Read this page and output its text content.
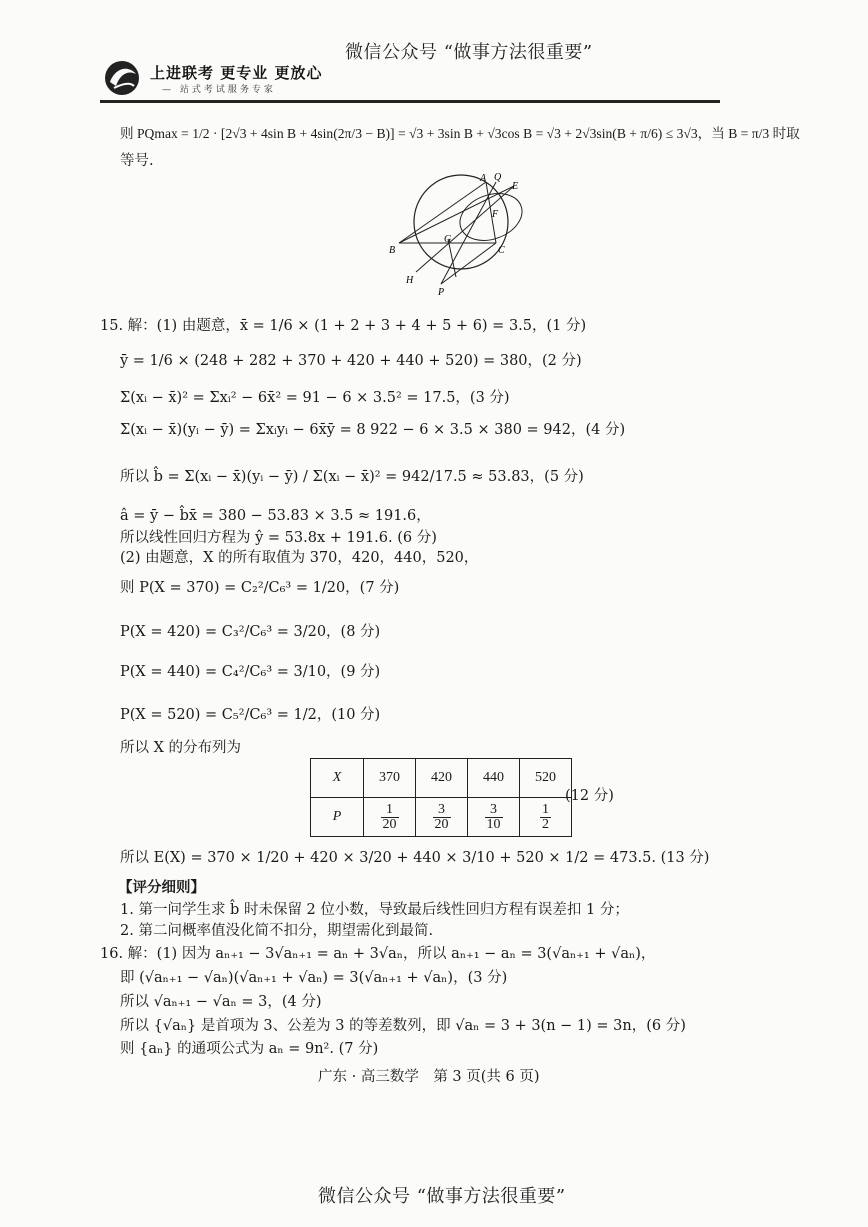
微信公众号 “做事方法很重要”
上进联考 更专业 更放心
— 站式考试服务专家
则 PQmax = 1/2 · [2√3 + 4sin B + 4sin(2π/3 − B)] = √3 + 3sin B + √3cos B = √3 + 2√3sin(B + π/6) ≤ 3√3，当 B = π/3 时取
等号.
A Q
E
F
B
G
C
H
P
15. 解：(1) 由题意，x̄ = 1/6 × (1 + 2 + 3 + 4 + 5 + 6) = 3.5，(1 分)
ȳ = 1/6 × (248 + 282 + 370 + 420 + 440 + 520) = 380，(2 分)
Σ(xᵢ − x̄)² = Σxᵢ² − 6x̄² = 91 − 6 × 3.5² = 17.5，(3 分)
Σ(xᵢ − x̄)(yᵢ − ȳ) = Σxᵢyᵢ − 6x̄ȳ = 8 922 − 6 × 3.5 × 380 = 942，(4 分)
所以 b̂ = Σ(xᵢ − x̄)(yᵢ − ȳ) / Σ(xᵢ − x̄)² = 942/17.5 ≈ 53.83，(5 分)
â = ȳ − b̂x̄ = 380 − 53.83 × 3.5 ≈ 191.6，
所以线性回归方程为 ŷ = 53.8x + 191.6. (6 分)
(2) 由题意，X 的所有取值为 370，420，440，520，
则 P(X = 370) = C₂²/C₆³ = 1/20，(7 分)
P(X = 420) = C₃²/C₆³ = 3/20，(8 分)
P(X = 440) = C₄²/C₆³ = 3/10，(9 分)
P(X = 520) = C₅²/C₆³ = 1/2，(10 分)
所以 X 的分布列为
X	370	420	440	520
P	$\frac{1}{20}$	$\frac{3}{20}$	$\frac{3}{10}$	$\frac{1}{2}$
(12 分)
所以 E(X) = 370 × 1/20 + 420 × 3/20 + 440 × 3/10 + 520 × 1/2 = 473.5. (13 分)
【评分细则】
1. 第一问学生求 b̂ 时未保留 2 位小数，导致最后线性回归方程有误差扣 1 分；
2. 第二问概率值没化简不扣分，期望需化到最简.
16. 解：(1) 因为 aₙ₊₁ − 3√aₙ₊₁ = aₙ + 3√aₙ，所以 aₙ₊₁ − aₙ = 3(√aₙ₊₁ + √aₙ)，
即 (√aₙ₊₁ − √aₙ)(√aₙ₊₁ + √aₙ) = 3(√aₙ₊₁ + √aₙ)，(3 分)
所以 √aₙ₊₁ − √aₙ = 3，(4 分)
所以 {√aₙ} 是首项为 3、公差为 3 的等差数列，即 √aₙ = 3 + 3(n − 1) = 3n，(6 分)
则 {aₙ} 的通项公式为 aₙ = 9n². (7 分)
广东 · 高三数学　第 3 页(共 6 页)
微信公众号 “做事方法很重要”
